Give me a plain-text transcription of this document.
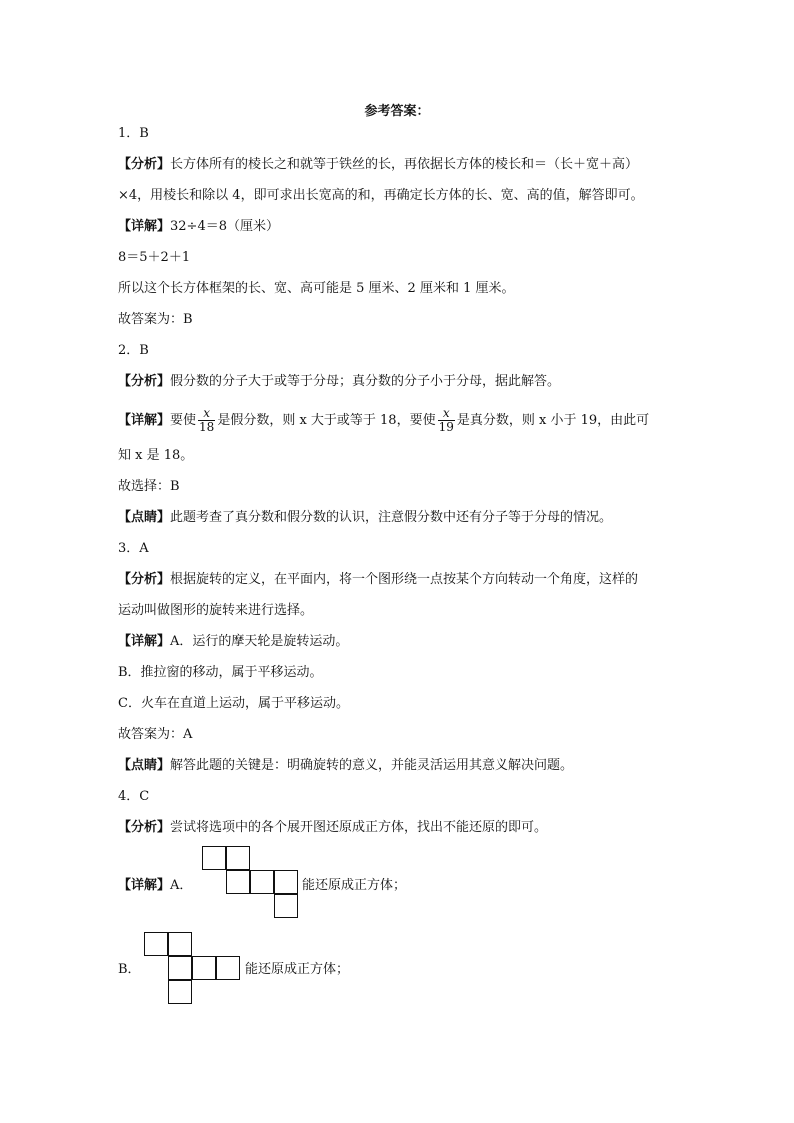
参考答案：
1．B
【分析】长方体所有的棱长之和就等于铁丝的长，再依据长方体的棱长和＝（长＋宽＋高）
×4，用棱长和除以 4，即可求出长宽高的和，再确定长方体的长、宽、高的值，解答即可。
【详解】32÷4＝8（厘米）
8＝5＋2＋1
所以这个长方体框架的长、宽、高可能是 5 厘米、2 厘米和 1 厘米。
故答案为：B
2．B
【分析】假分数的分子大于或等于分母；真分数的分子小于分母，据此解答。
【详解】要使 $\frac{x}{18}$ 是假分数，则 x 大于或等于 18，要使 $\frac{x}{19}$ 是真分数，则 x 小于 19，由此可
知 x 是 18。
故选择：B
【点睛】此题考查了真分数和假分数的认识，注意假分数中还有分子等于分母的情况。
3．A
【分析】根据旋转的定义，在平面内，将一个图形绕一点按某个方向转动一个角度，这样的
运动叫做图形的旋转来进行选择。
【详解】A．运行的摩天轮是旋转运动。
B．推拉窗的移动，属于平移运动。
C．火车在直道上运动，属于平移运动。
故答案为：A
【点睛】解答此题的关键是：明确旋转的意义，并能灵活运用其意义解决问题。
4．C
【分析】尝试将选项中的各个展开图还原成正方体，找出不能还原的即可。
【详解】A．	能还原成正方体；
B．	能还原成正方体；
